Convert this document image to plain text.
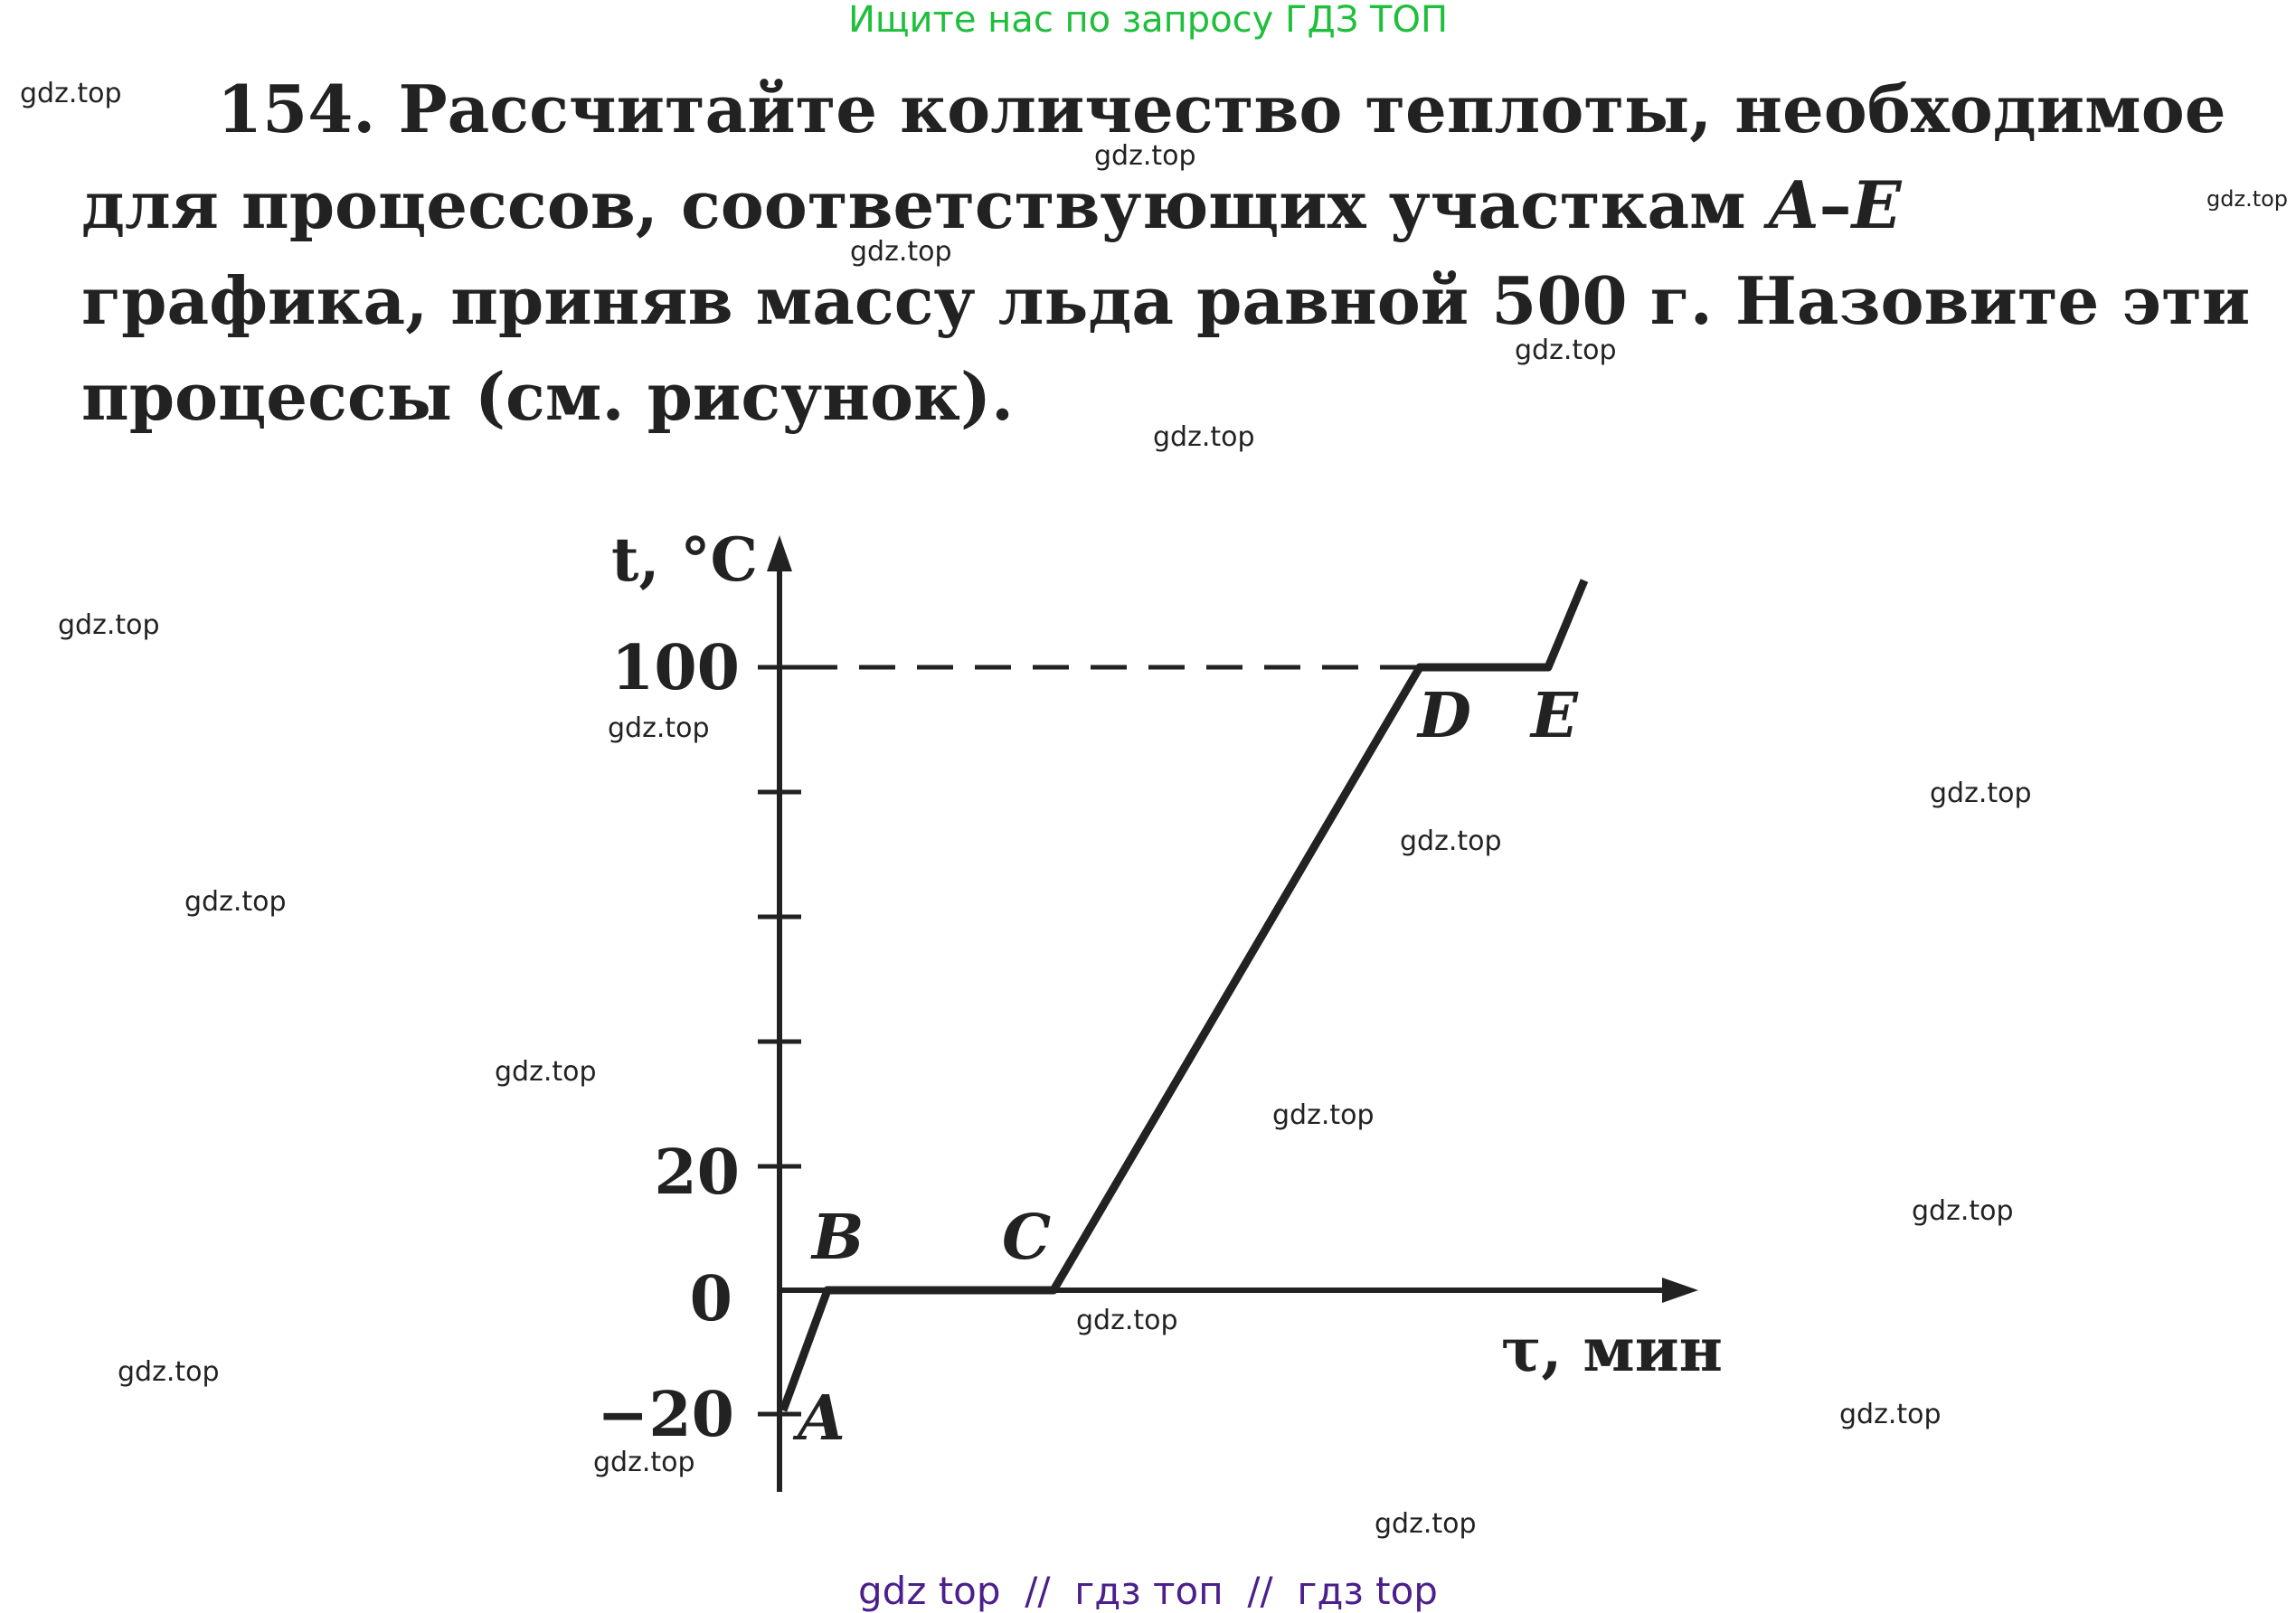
Ищите нас по запросу ГДЗ ТОП
154. Рассчитайте количество теплоты, необходимое для процессов, соответствующих участкам A–E графика, приняв массу льда равной 500 г. Назовите эти процессы (см. рисунок).
100
20
0
−20
t, °C
τ, мин
A
B C
D E
gdz.top
gdz.top
gdz.top
gdz.top
gdz.top
gdz.top
gdz.top
gdz.top
gdz.top
gdz.top
gdz.top
gdz.top
gdz.top
gdz.top
gdz.top
gdz.top
gdz.top
gdz.top
gdz.top
gdz top  //  гдз топ  //  гдз top
